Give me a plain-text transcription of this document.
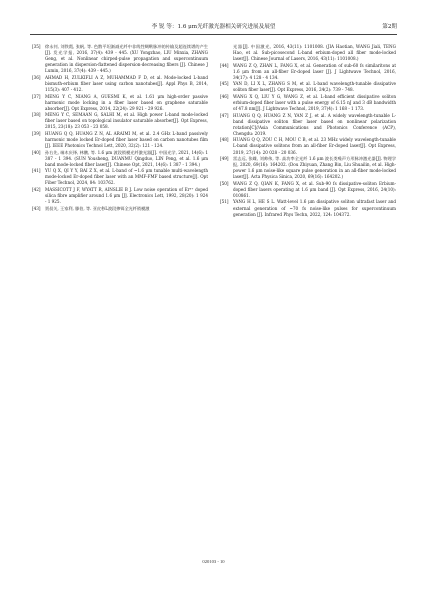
李 锐 等：1.6 μm光纤激光器相关研究进展及展望	第2期
[35] 徐永钊, 刘铁霞, 张帆, 等. 色散平坦渐减光纤中非线性啁啾脉冲的传输及超连续谱的产生[J]. 发光学报, 2016, 37(4): 439 - 445. (XU Yongzhao, LIU Minxia, ZHANG Geng, et al. Nonlinear chirped-pulse propagation and supercontinuum generation in dispersion-flattened dispersion-decreasing fibers [J]. Chinese J Lumin, 2016, 37(4): 439 - 445.)
[36] AHMAD H, ZULKIFLI A Z, MUHAMMAD F D, et al. Mode-locked L-band bismuth-erbium fiber laser using carbon nanotubes[J]. Appl Phys B, 2014, 115(3): 407 - 412.
[37] MENG Y C, NIANG A, GUESMI K, et al. 1.61 μm high-order passive harmonic mode locking in a fiber laser based on graphene saturable absorber[J]. Opt Express, 2014, 22(24): 29 921 - 29 926.
[38] MENG Y C, SEMAAN G, SALHI M, et al. High power L-band mode-locked fiber laser based on topological insulator saturable absorber[J]. Opt Express, 2015, 23(18): 23 053 - 23 058.
[39] HUANG Q Q, HUANG Z N, AL ARAIMI M, et al. 2.4 GHz L-band passively harmonic mode locked Er-doped fiber laser based on carbon nanotubes film [J]. IEEE Photonics Technol Lett, 2020, 32(2): 121 - 124.
[40] 孙右先, 端木庆铎, 林鹏, 等. 1.6 μm 波段锁模光纤激光器[J]. 中国光学, 2021, 14(6): 1 387 - 1 394. (SUN Yousheng, DUANMU Qingduo, LIN Peng, et al. 1.6 μm band mode-locked fiber laser[J]. Chinese Opt, 2021, 14(6): 1 387 - 1 394.)
[41] YU Q X, QI Y Y, BAI Z X, et al. L-band of ~1.6 μm tunable multi-wavelength mode-locked Er-doped fiber laser with an MMF-FMF based structure[J]. Opt Fiber Technol, 2024, 84: 103762.
[42] MASSICOTT J F, WYATT R, AINSLIE B J. Low noise operation of Er³⁺ doped silica fibre amplifier around 1.6 μm [J]. Electronics Lett, 1992, 28(20): 1 924 - 1 925.
[43] 贾叔关, 王家利, 滕伯, 等. 亚皮秒L波段掺铒全光纤锁模激
光器[J]. 中国激光, 2016, 43(11): 1101008. (JIA Haotian, WANG Jiali, TENG Hao, et al. Sub-picosecond L-band erbium-doped all fiber mode-locked laser[J]. Chinese Journal of Lasers, 2016, 43(11): 1101008.)
[44] WANG Z Q, ZHAN L, FANG X, et al. Generation of sub-60 fs similaritons at 1.6 μm from an all-fiber Er-doped laser [J]. J Lightwave Technol, 2016, 34(17): 4 128 - 4 134.
[45] YAN D, LI X L, ZHANG S M, et al. L-band wavelength-tunable dissipative soliton fiber laser[J]. Opt Express, 2016, 24(2): 739 - 748.
[46] WANG X Q, LIU Y G, WANG Z, et al. L-band efficient dissipative soliton erbium-doped fiber laser with a pulse energy of 6.15 nJ and 3 dB bandwidth of 47.8 nm[J]. J Lightwave Technol, 2019, 37(4): 1 168 - 1 173.
[47] HUANG Q Q, HUANG Z N, YAN Z J, et al. A widely wavelength-tunable L-band dissipative soliton fiber laser based on nonlinear polarization rotation[C]//Asia Communications and Photonics Conference (ACP), Chengdu: 2019.
[48] HUANG Q Q, ZOU C H, MOU C B, et al. 23 MHz widely wavelength-tunable L-band dissipative solitons from an all-fiber Er-doped laser[J]. Opt Express, 2019, 27(14): 20 028 - 20 036.
[49] 雷志远, 张嵘, 刘帅伟, 等. 高功率全光纤 1.6 μm 波长类噪声方形脉冲激光器[J]. 物理学报, 2020, 69(16): 164202. (Dou Zhiyuan, Zhang Bin, Liu Shuailin, et al. High-power 1.6 μm noise-like square pulse generation in an all-fiber mode-locked laser[J]. Acta Physica Sinica, 2020, 69(16): 164202.)
[50] WANG Z Q, QIAN K, FANG X, et al. Sub-90 fs dissipative-soliton Erbium-doped fiber lasers operating at 1.6 μm band [J]. Opt Express, 2016, 24(10): 010861.
[51] YANG H L, HE S L. Watt-level 1.6 μm dissipative soliton ultrafast laser and external generation of ~70 fs noise-like pulses for supercontinuum generation [J]. Infrared Phys Techn, 2022, 124: 104372.
020103 - 10
